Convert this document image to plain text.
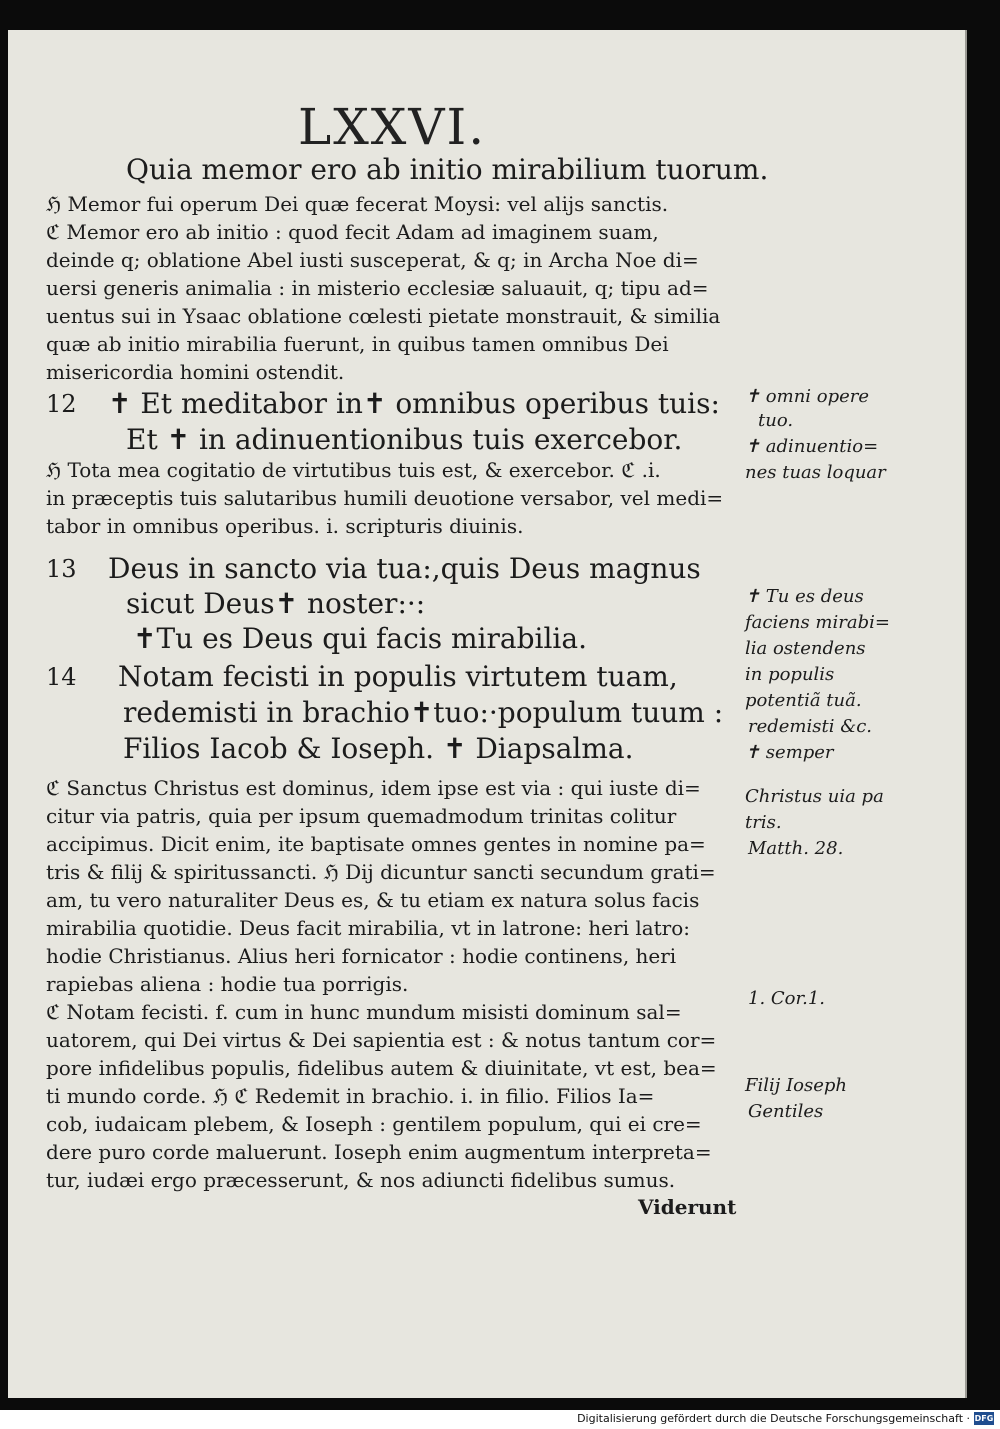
LXXVI.
Quia memor ero ab initio mirabilium tuorum.
ℌ Memor fui operum Dei quæ fecerat Moysi: vel alijs sanctis.
ℭ Memor ero ab initio : quod fecit Adam ad imaginem suam,
deinde q; oblatione Abel iusti susceperat, & q; in Archa Noe di=
uersi generis animalia : in misterio ecclesiæ saluauit, q; tipu ad=
uentus sui in Ysaac oblatione cœlesti pietate monstrauit, & similia
quæ ab initio mirabilia fuerunt, in quibus tamen omnibus Dei
misericordia homini ostendit.
✝ Et meditabor in✝ omnibus operibus tuis:
Et ✝ in adinuentionibus tuis exercebor.
ℌ Tota mea cogitatio de virtutibus tuis est, & exercebor. ℭ .i.
in præceptis tuis salutaribus humili deuotione versabor, vel medi=
tabor in omnibus operibus. i. scripturis diuinis.
Deus in sancto via tua:,quis Deus magnus
sicut Deus✝ noster:·:
✝Tu es Deus qui facis mirabilia.
Notam fecisti in populis virtutem tuam,
redemisti in brachio✝tuo:·populum tuum :
Filios Iacob & Ioseph. ✝ Diapsalma.
ℭ Sanctus Christus est dominus, idem ipse est via : qui iuste di=
citur via patris, quia per ipsum quemadmodum trinitas colitur
accipimus. Dicit enim, ite baptisate omnes gentes in nomine pa=
tris & filij & spiritussancti. ℌ Dij dicuntur sancti secundum grati=
am, tu vero naturaliter Deus es, & tu etiam ex natura solus facis
mirabilia quotidie. Deus facit mirabilia, vt in latrone: heri latro:
hodie Christianus. Alius heri fornicator : hodie continens, heri
rapiebas aliena : hodie tua porrigis.
ℭ Notam fecisti. f. cum in hunc mundum misisti dominum sal=
uatorem, qui Dei virtus & Dei sapientia est : & notus tantum cor=
pore infidelibus populis, fidelibus autem & diuinitate, vt est, bea=
ti mundo corde. ℌ ℭ Redemit in brachio. i. in filio. Filios Ia=
cob, iudaicam plebem, & Ioseph : gentilem populum, qui ei cre=
dere puro corde maluerunt. Ioseph enim augmentum interpreta=
tur, iudæi ergo præcesserunt, & nos adiuncti fidelibus sumus.
12
13
14
✝ omni opere
tuo.
✝ adinuentio=
nes tuas loquar
✝ Tu es deus
faciens mirabi=
lia ostendens
in populis
potentiã tuã.
redemisti &c.
✝ semper
Christus uia pa
tris.
Matth. 28.
1. Cor.1.
Filij Ioseph
Gentiles
Viderunt
Digitalisierung gefördert durch die Deutsche Forschungsgemeinschaft · DFG
